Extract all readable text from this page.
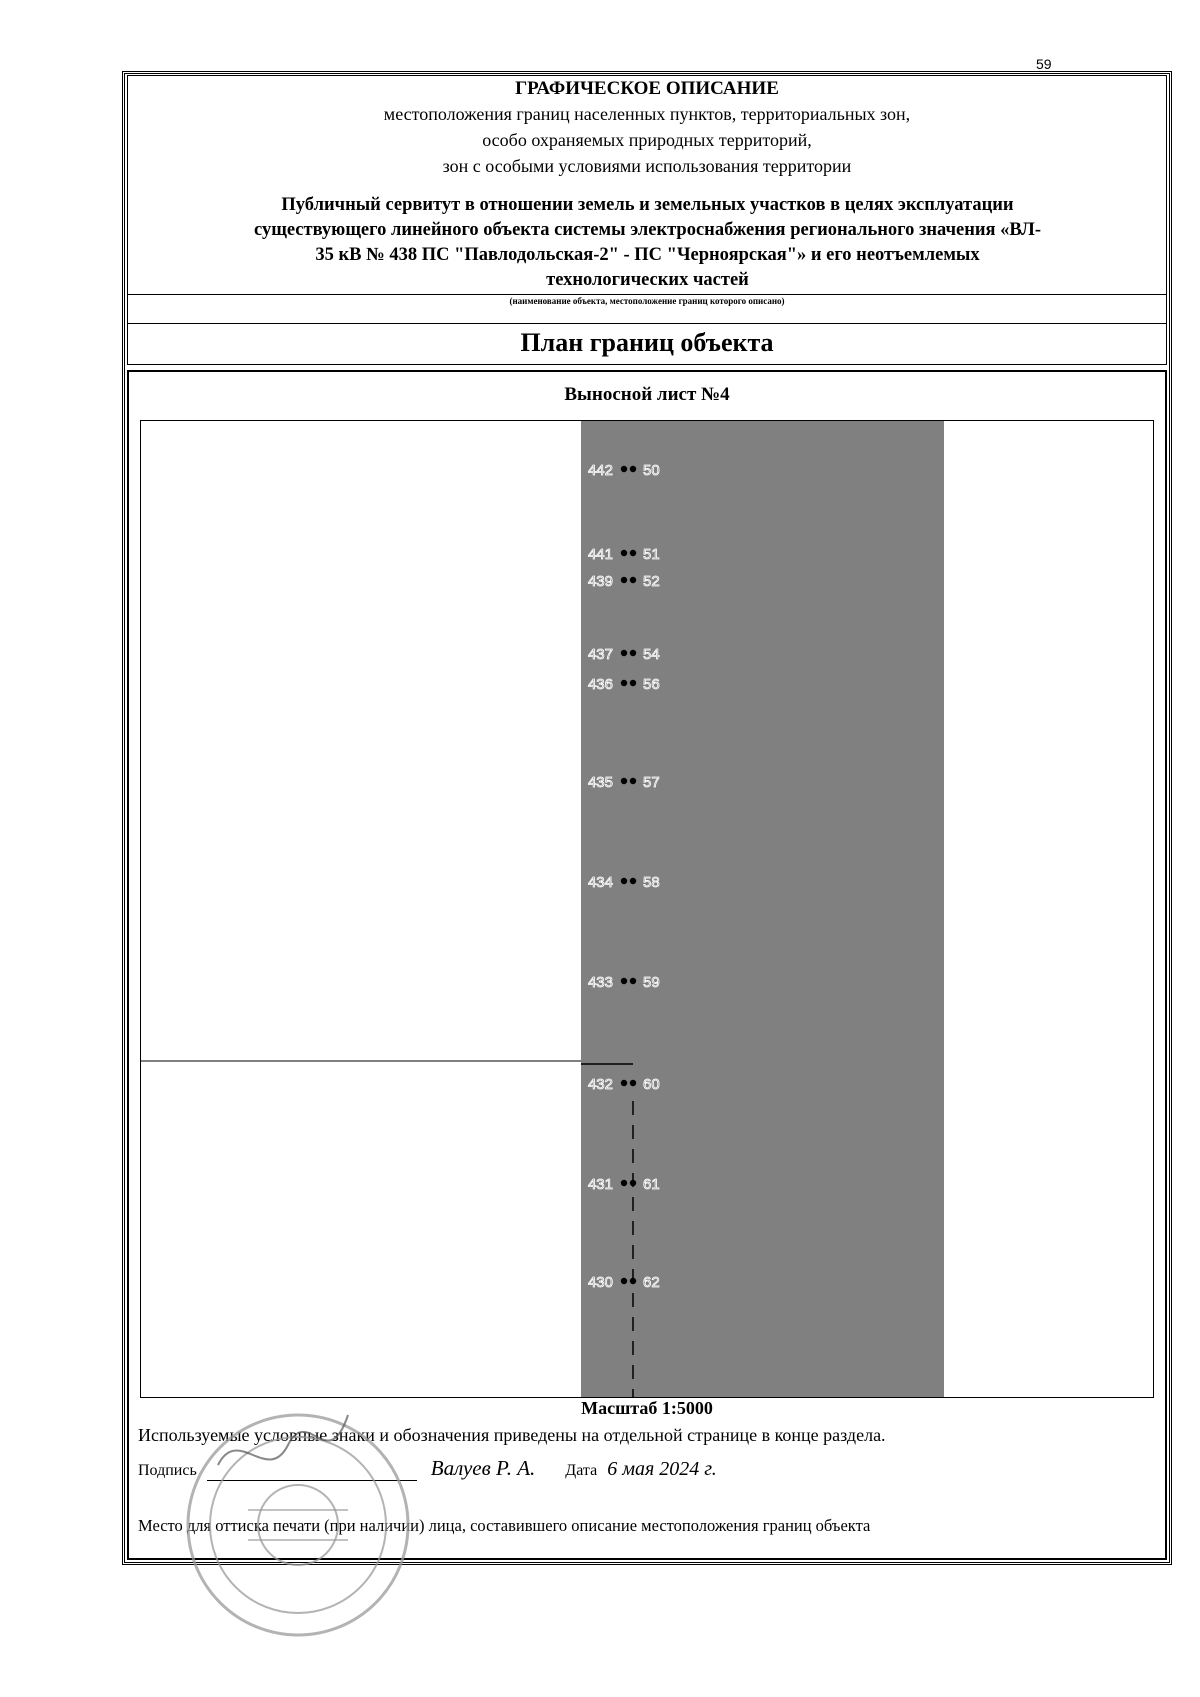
59
ГРАФИЧЕСКОЕ ОПИСАНИЕ
местоположения границ населенных пунктов, территориальных зон,
особо охраняемых природных территорий,
зон с особыми условиями использования территории
Публичный сервитут в отношении земель и земельных участков в целях эксплуатации
существующего линейного объекта системы электроснабжения регионального значения «ВЛ-
35 кВ № 438 ПС "Павлодольская-2" - ПС "Черноярская"» и его неотъемлемых
технологических частей
(наименование объекта, местоположение границ которого описано)
План границ объекта
Выносной лист №4
442 50
441 51
439 52
437 54
436 56
435 57
434 58
433 59
432 60
431 61
430 62
Масштаб 1:5000
Используемые условные знаки и обозначения приведены на отдельной странице в конце раздела.
Подпись	Валуев Р. А. Дата 6 мая 2024 г.
Место для оттиска печати (при наличии) лица, составившего описание местоположения границ объекта
